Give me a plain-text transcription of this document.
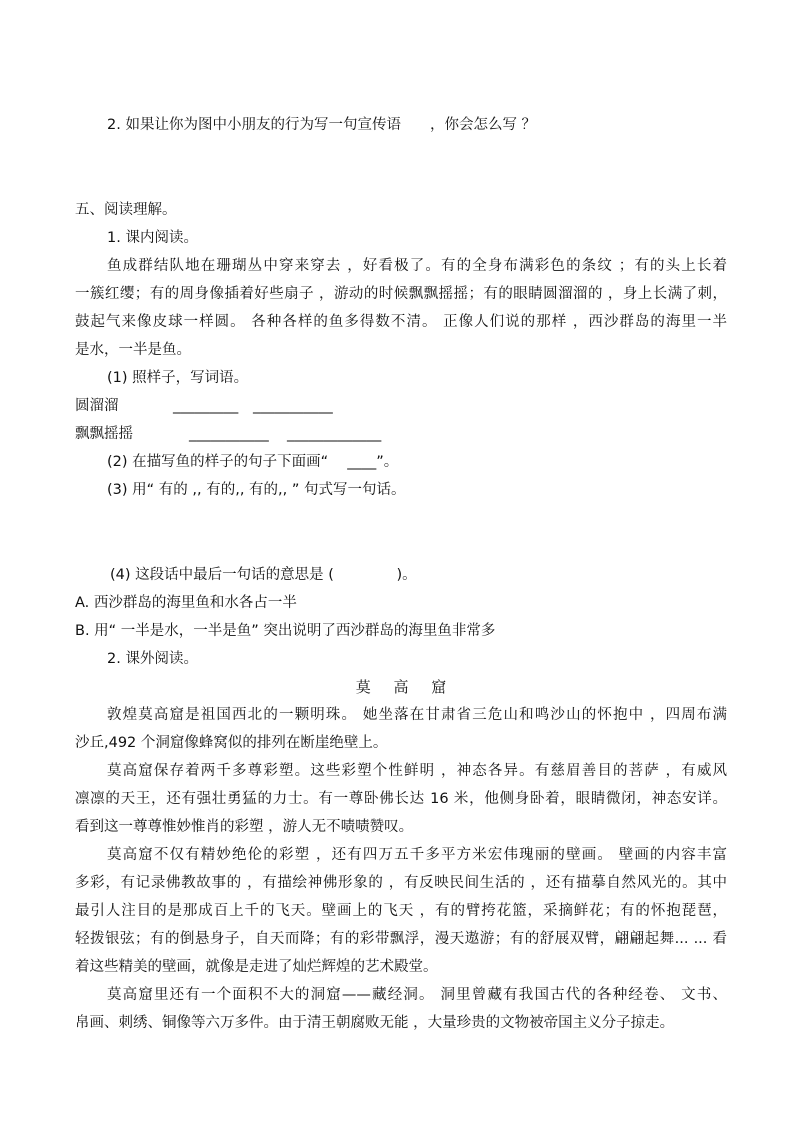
2. 如果让你为图中小朋友的行为写一句宣传语　　，你会怎么写 ？
五、阅读理解。
1. 课内阅读。
鱼成群结队地在珊瑚丛中穿来穿去 ，好看极了。有的全身布满彩色的条纹 ；有的头上长着
一簇红缨；有的周身像插着好些扇子 ，游动的时候飘飘摇摇；有的眼睛圆溜溜的 ，身上长满了刺，
鼓起气来像皮球一样圆。 各种各样的鱼多得数不清。 正像人们说的那样 ，西沙群岛的海里一半
是水，一半是鱼。
(1) 照样子，写词语。
圆溜溜	_________ ___________
飘飘摇摇	___________ _____________
(2) 在描写鱼的样子的句子下面画“　 ____”。
(3) 用“ 有的 ,, 有的,, 有的,, ” 句式写一句话。
(4) 这段话中最后一句话的意思是 (　　　　 )。
A. 西沙群岛的海里鱼和水各占一半
B. 用“ 一半是水，一半是鱼” 突出说明了西沙群岛的海里鱼非常多
2. 课外阅读。
莫 高 窟
敦煌莫高窟是祖国西北的一颗明珠。 她坐落在甘肃省三危山和鸣沙山的怀抱中 ，四周布满
沙丘,492 个洞窟像蜂窝似的排列在断崖绝壁上。
莫高窟保存着两千多尊彩塑。这些彩塑个性鲜明 ，神态各异。有慈眉善目的菩萨 ，有威风
凛凛的天王，还有强壮勇猛的力士。有一尊卧佛长达 16 米，他侧身卧着，眼睛微闭，神态安详。
看到这一尊尊惟妙惟肖的彩塑 ，游人无不啧啧赞叹。
莫高窟不仅有精妙绝伦的彩塑 ，还有四万五千多平方米宏伟瑰丽的壁画。 壁画的内容丰富
多彩，有记录佛教故事的 ，有描绘神佛形象的 ，有反映民间生活的 ，还有描摹自然风光的。其中
最引人注目的是那成百上千的飞天。壁画上的飞天 ，有的臂挎花篮，采摘鲜花；有的怀抱琵琶，
轻拨银弦；有的倒悬身子，自天而降；有的彩带飘浮，漫天遨游；有的舒展双臂，翩翩起舞... ... 看
着这些精美的壁画，就像是走进了灿烂辉煌的艺术殿堂。
莫高窟里还有一个面积不大的洞窟——藏经洞。 洞里曾藏有我国古代的各种经卷、 文书、
帛画、刺绣、铜像等六万多件。由于清王朝腐败无能 ，大量珍贵的文物被帝国主义分子掠走。
